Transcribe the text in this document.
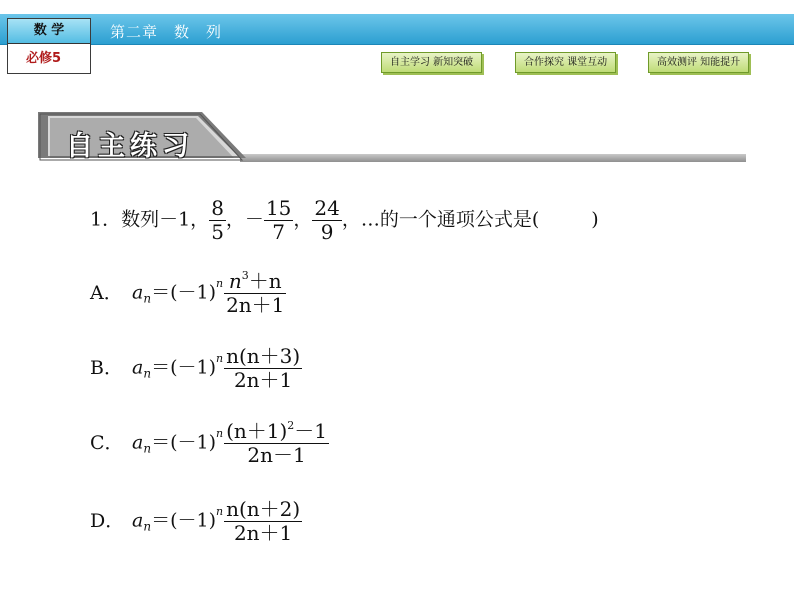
第二章　数　列
数 学
必修5	自主学习 新知突破	合作探究 课堂互动	高效测评 知能提升
自主练习
1．数列－1， $\frac{8}{5}$ ，－ $\frac{15}{7}$ ， $\frac{24}{9}$ ，…的一个通项公式是(	)
A． $a_n=(-1)^n \frac{n^3+n}{2n+1}$
B． $a_n=(-1)^n \frac{n(n+3)}{2n+1}$
C． $a_n=(-1)^n \frac{(n+1)^2-1}{2n-1}$
D． $a_n=(-1)^n \frac{n(n+2)}{2n+1}$
